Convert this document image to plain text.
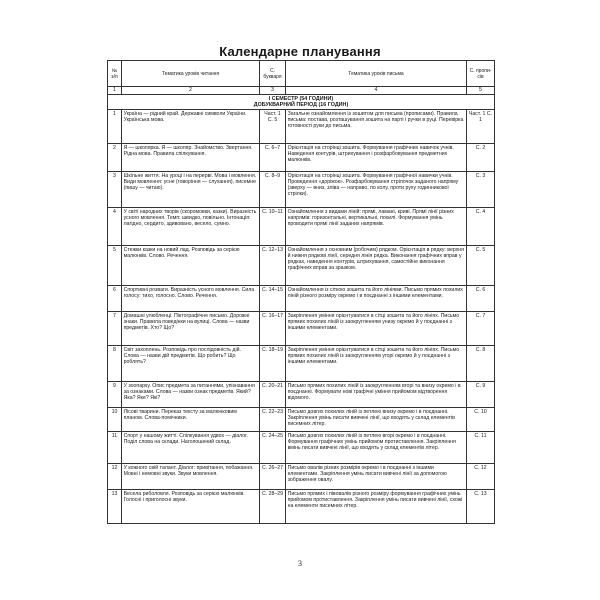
Календарне планування
№ з/п	Тематика уроків читання	С. букваря	Тематика уроків письма	С. пропи-сів
1	2	3	4	5

І СЕМЕСТР (54 ГОДИНИ)
ДОБУКВАРНИЙ ПЕРІОД (16 ГОДИН)				

1	Україна — рідний край. Державні символи України. Українська мова.	Част. 1 С. 5	Загальне ознайомлення із зошитом для письма (прописами). Правила письма: постава, розташування зошита на парті і ручки в руці. Перевірка готовності руки до письма.	Част. 1 С. 1
2	Я — школярка. Я — школяр. Знайомство. Звертання. Рідна мова. Правила спілкування.	С. 6–7	Орієнтація на сторінці зошита. Формування графічних навичок учнів. Наведення контурів, штрихування і розфарбовування предметних малюнків.	С. 2
3	Шкільне життя. На уроці і на перерві. Мова і мовлення. Види мовлення: усне (говоріння — слухання), писемне (пишу — читаю).	С. 8–9	Орієнтація на сторінці зошита. Формування графічної навички учнів. Проведення «доріжок». Розфарбовування стрілочок заданого напряму (зверху — вниз, зліва — направо, по колу, проти руху годинникової стрілки).	С. 3
4	У світі народних творів (скоромовки, казки). Виразність усного мовлення. Темп: швидко, повільно. Інтонація: лагідно, сердито, здивовано, весело, сумно.	С. 10–11	Ознайомлення з видами ліній: прямі, ламані, криві. Прямі лінії різних напрямів: горизонтальні, вертикальні, похилі. Формування умінь проводити прямі лінії заданих напрямів.	С. 4
5	Стежки казки на новий лад. Розповідь за серією малюнків. Слово. Речення.	С. 12–13	Ознайомлення з основним (робочим) рядком. Орієнтація в рядку: верхня й нижня рядкові лінії, середня лінія рядка. Виконання графічних вправ у рядках, наведення контурів, штрихування, самостійне виконання графічних вправ за зразком.	С. 5
6	Спортивні розваги. Виразність усного мовлення. Сила голосу: тихо, голосно. Слово. Речення.	С. 14–15	Ознайомлення із сіткою зошита та його лініями. Письмо прямих похилих ліній різного розміру окремо і в поєднанні з іншими елементами.	С. 6
7	Домашні улюбленці. Піктографічне письмо. Дорожні знаки. Правила поведінки на вулиці. Слова — назви предметів. Хто? Що?	С. 16–17	Закріплення уміння орієнтуватися в сітці зошита та його лініях. Письмо прямих похилих ліній із заокругленням унизу окремо й у поєднанні з іншими елементами.	С. 7
8	Світ захоплень. Розповідь про послідовність дій. Слова — назви дій предметів. Що робить? Що роблять?	С. 18–19	Закріплення уміння орієнтуватися в сітці зошита та його лініях. Письмо прямих похилих ліній із заокругленням угорі окремо й у поєднанні з іншими елементами.	С. 8
9	У зоопарку. Опис предмета за питаннями, упізнавання за ознаками. Слова — назви ознак предметів. Який? Яка? Яке? Які?	С. 20–21	Письмо прямих похилих ліній із заокругленням вгорі та внизу окремо і в поєднанні. Формувати нові графічні уміння прийомом відтворення відомого.	С. 9
10	Лісові тварини. Переказ тексту за малюнковим планом. Слова-помічники.	С. 22–23	Письмо довгих похилих ліній із петлею внизу окремо і в поєднанні. Закріплення умінь писати вивчені лінії, що входять у склад елементів писемних літер.	С. 10
11	Спорт у нашому житті. Спілкування удвох — діалог. Поділ слова на склади. Наголошений склад.	С. 24–25	Письмо довгих похилих ліній із петлею вгорі окремо і в поєднанні. Формування графічних умінь прийомом протиставлення. Закріплення вмінь писати вивчені лінії, що входять у склад елементів літер.	С. 11
12	У кожного свій талант. Діалог: привітання, побажання. Мовні і немовні звуки. Звуки мовлення.	С. 26–27	Письмо овалів різних розмірів окремо і в поєднанні з іншими елементами. Закріплення умінь писати вивчені лінії за допомогою зображення овалу.	С. 12
13	Весела риболовля. Розповідь за серією малюнків. Голосні і приголосні звуки.	С. 28–29	Письмо прямих і півовалів різного розміру формування графічних умінь прийомом протиставлення. Закріплення умінь писати вивчені лінії, схожі на елементи писемних літер.	С. 13
3
